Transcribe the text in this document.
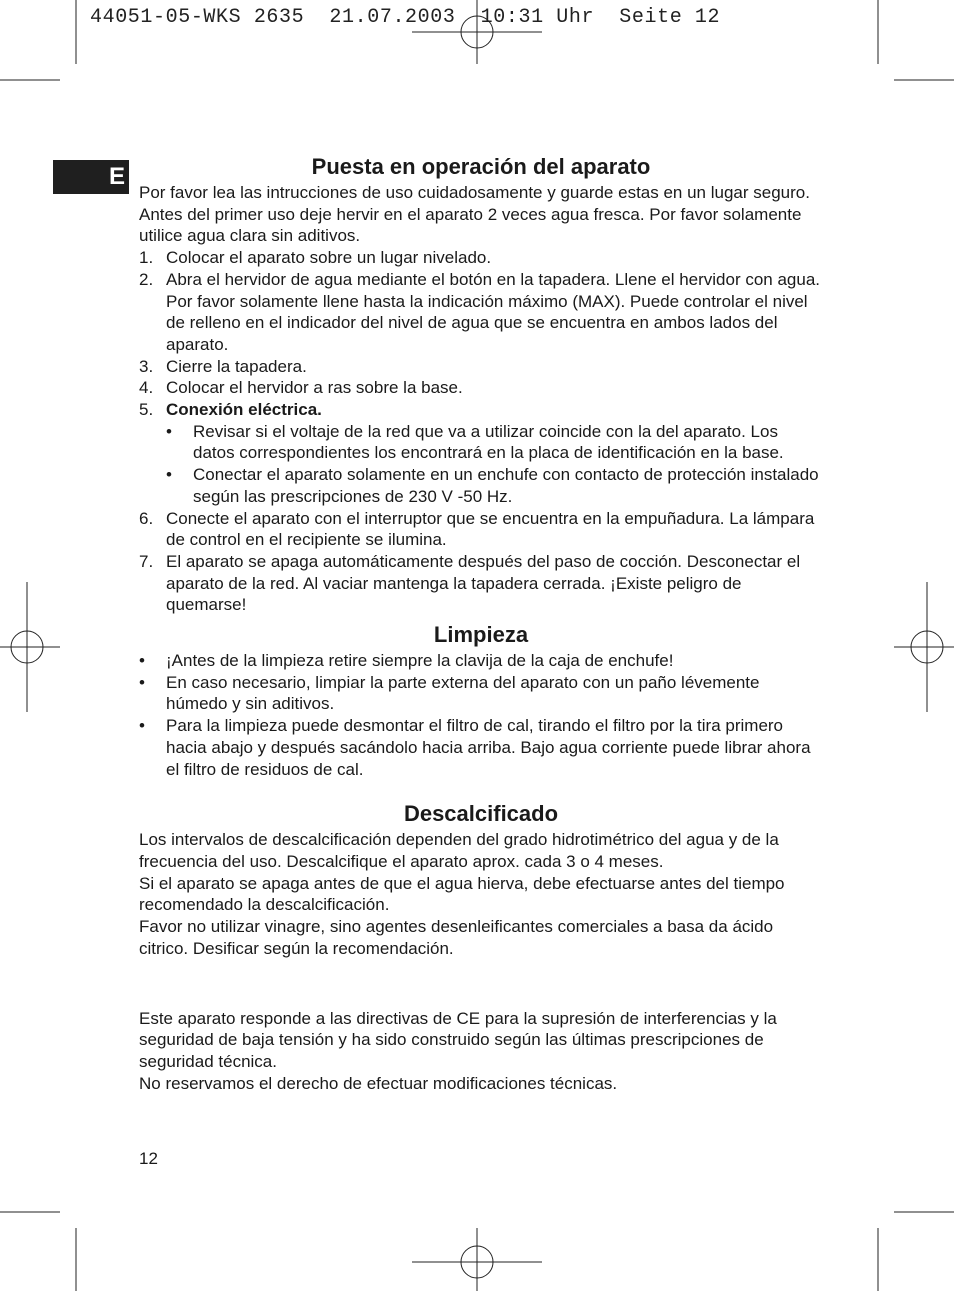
44051-05-WKS 2635  21.07.2003  10:31 Uhr  Seite 12
E	Puesta en operación del aparato

Por favor lea las intrucciones de uso cuidadosamente y guarde estas en un lugar seguro. Antes del primer uso deje hervir en el aparato 2 veces agua fresca. Por favor solamente utilice agua clara sin aditivos.

1. Colocar el aparato sobre un lugar nivelado.
2. Abra el hervidor de agua mediante el botón en la tapadera. Llene el hervidor con agua. Por favor solamente llene hasta la indicación máximo (MAX). Puede controlar el nivel de relleno en el indicador del nivel de agua que se encuentra en ambos lados del aparato.
3. Cierre la tapadera.
4. Colocar el hervidor a ras sobre la base.
5. Conexión eléctrica.
•	Revisar si el voltaje de la red que va a utilizar coincide con la del aparato. Los datos correspondientes los encontrará en la placa de identificación en la base.
•	Conectar el aparato solamente en un enchufe con contacto de protección instalado según las prescripciones de 230 V -50 Hz.
6. Conecte el aparato con el interruptor que se encuentra en la empuñadura. La lámpara de control en el recipiente se ilumina.
7. El aparato se apaga automáticamente después del paso de cocción. Desconectar el aparato de la red. Al vaciar mantenga la tapadera cerrada. ¡Existe peligro de quemarse!
Limpieza
•	¡Antes de la limpieza retire siempre la clavija de la caja de enchufe!
•	En caso necesario, limpiar la parte externa del aparato con un paño lévemente húmedo y sin aditivos.
•	Para la limpieza puede desmontar el filtro de cal, tirando el filtro por la tira primero hacia abajo y después sacándolo hacia arriba. Bajo agua corriente puede librar ahora el filtro de residuos de cal.
Descalcificado

Los intervalos de descalcificación dependen del grado hidrotimétrico del agua y de la frecuencia del uso. Descalcifique el aparato aprox. cada 3 o 4 meses.

Si el aparato se apaga antes de que el agua hierva, debe efectuarse antes del tiempo recomendado la descalcificación.

Favor no utilizar vinagre, sino agentes desenleificantes comerciales a basa da ácido citrico. Desificar según la recomendación.

Este aparato responde a las directivas de CE para la supresión de interferencias y la seguridad de baja tensión y ha sido construido según las últimas prescripciones de seguridad técnica.

No reservamos el derecho de efectuar modificaciones técnicas.

12
